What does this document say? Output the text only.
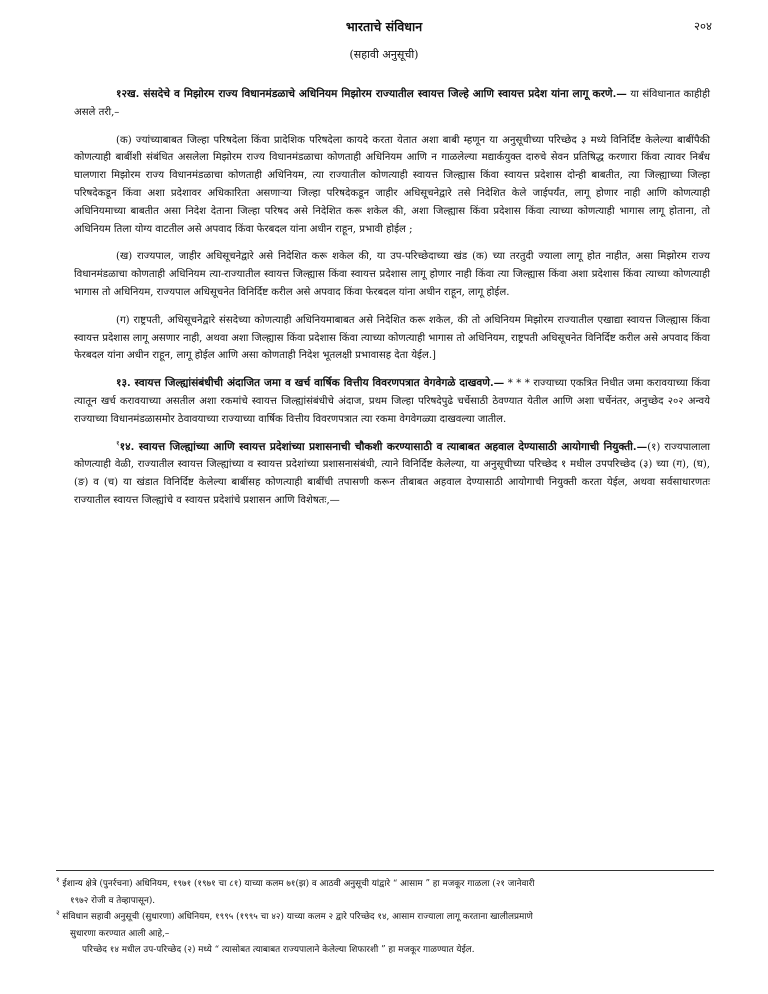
भारताचे संविधान	२०४
(सहावी अनुसूची)

१२ख. संसदेचे व मिझोरम राज्य विधानमंडळाचे अधिनियम मिझोरम राज्यातील स्वायत्त जिल्हे आणि स्वायत्त प्रदेश यांना लागू करणे.— या संविधानात काहीही असले तरी,–

(क) ज्यांच्याबाबत जिल्हा परिषदेला किंवा प्रादेशिक परिषदेला कायदे करता येतात अशा बाबी म्हणून या अनुसूचीच्या परिच्छेद ३ मध्ये विनिर्दिष्ट केलेल्या बाबींपैकी कोणत्याही बाबींशी संबंधित असलेला मिझोरम राज्य विधानमंडळाचा कोणताही अधिनियम आणि न गाळलेल्या मद्यार्कयुक्त दारुचे सेवन प्रतिषिद्ध करणारा किंवा त्यावर निर्बंध घालणारा मिझोरम राज्य विधानमंडळाचा कोणताही अधिनियम, त्या राज्यातील कोणत्याही स्वायत्त जिल्ह्यास किंवा स्वायत्त प्रदेशास दोन्ही बाबतीत, त्या जिल्ह्याच्या जिल्हा परिषदेकडून किंवा अशा प्रदेशावर अधिकारिता असणाऱ्या जिल्हा परिषदेकडून जाहीर अधिसूचनेद्वारे तसे निदेशित केले जाईपर्यंत, लागू होणार नाही आणि कोणत्याही अधिनियमाच्या बाबतीत असा निदेश देताना जिल्हा परिषद असे निदेशित करू शकेल की, अशा जिल्ह्यास किंवा प्रदेशास किंवा त्याच्या कोणत्याही भागास लागू होताना, तो अधिनियम तिला योग्य वाटतील असे अपवाद किंवा फेरबदल यांना अधीन राहून, प्रभावी होईल ;

(ख) राज्यपाल, जाहीर अधिसूचनेद्वारे असे निदेशित करू शकेल की, या उप-परिच्छेदाच्या खंड (क) च्या तरतुदी ज्याला लागू होत नाहीत, असा मिझोरम राज्य विधानमंडळाचा कोणताही अधिनियम त्या-राज्यातील स्वायत्त जिल्ह्यास किंवा स्वायत्त प्रदेशास लागू होणार नाही किंवा त्या जिल्ह्यास किंवा अशा प्रदेशास किंवा त्याच्या कोणत्याही भागास तो अधिनियम, राज्यपाल अधिसूचनेत विनिर्दिष्ट करील असे अपवाद किंवा फेरबदल यांना अधीन राहून, लागू होईल.

(ग) राष्ट्रपती, अधिसूचनेद्वारे संसदेच्या कोणत्याही अधिनियमाबाबत असे निदेशित करू शकेल, की तो अधिनियम मिझोरम राज्यातील एखाद्या स्वायत्त जिल्ह्यास किंवा स्वायत्त प्रदेशास लागू असणार नाही, अथवा अशा जिल्ह्यास किंवा प्रदेशास किंवा त्याच्या कोणत्याही भागास तो अधिनियम, राष्ट्रपती अधिसूचनेत विनिर्दिष्ट करील असे अपवाद किंवा फेरबदल यांना अधीन राहून, लागू होईल आणि असा कोणताही निदेश भूतलक्षी प्रभावासह देता येईल.]

१३. स्वायत्त जिल्ह्यांसंबंधीची अंदाजित जमा व खर्च वार्षिक वित्तीय विवरणपत्रात वेगवेगळे दाखवणे.— * * * राज्याच्या एकत्रित निधीत जमा करावयाच्या किंवा त्यातून खर्च करावयाच्या असतील अशा रकमांचे स्वायत्त जिल्ह्यांसंबंधीचे अंदाज, प्रथम जिल्हा परिषदेपुढे चर्चेसाठी ठेवण्यात येतील आणि अशा चर्चेनंतर, अनुच्छेद २०२ अन्वये राज्याच्या विधानमंडळासमोर ठेवावयाच्या राज्याच्या वार्षिक वित्तीय विवरणपत्रात त्या रकमा वेगवेगळ्या दाखवल्या जातील.

$^१$१४. स्वायत्त जिल्ह्यांच्या आणि स्वायत्त प्रदेशांच्या प्रशासनाची चौकशी करण्यासाठी व त्याबाबत अहवाल देण्यासाठी आयोगाची नियुक्ती.—(१) राज्यपालाला कोणत्याही वेळी, राज्यातील स्वायत्त जिल्ह्यांच्या व स्वायत्त प्रदेशांच्या प्रशासनासंबंधी, त्याने विनिर्दिष्ट केलेल्या, या अनुसूचीच्या परिच्छेद १ मधील उपपरिच्छेद (३) च्या (ग), (घ), (ङ) व (च) या खंडात विनिर्दिष्ट केलेल्या बाबींसह कोणत्याही बाबींची तपासणी करून तीबाबत अहवाल देण्यासाठी आयोगाची नियुक्ती करता येईल, अथवा सर्वसाधारणतः राज्यातील स्वायत्त जिल्ह्यांचे व स्वायत्त प्रदेशांचे प्रशासन आणि विशेषतः,—

$^१$ ईशान्य क्षेत्रे (पुनर्रचना) अधिनियम, १९७१ (१९७१ चा ८१) याच्या कलम ७१(झ) व आठवी अनुसूची यांद्वारे “ आसाम ” हा मजकूर गाळला (२१ जानेवारी

१९७२ रोजी व तेव्हापासून).

$^२$ संविधान सहावी अनुसूची (सुधारणा) अधिनियम, १९९५ (१९९५ चा ४२) याच्या कलम २ द्वारे परिच्छेद १४, आसाम राज्याला लागू करताना खालीलप्रमाणे

सुधारणा करण्यात आली आहे,–

परिच्छेद १४ मधील उप-परिच्छेद (२) मध्ये “ त्यासोबत त्याबाबत राज्यपालाने केलेल्या शिफारशी ” हा मजकूर गाळण्यात येईल.
